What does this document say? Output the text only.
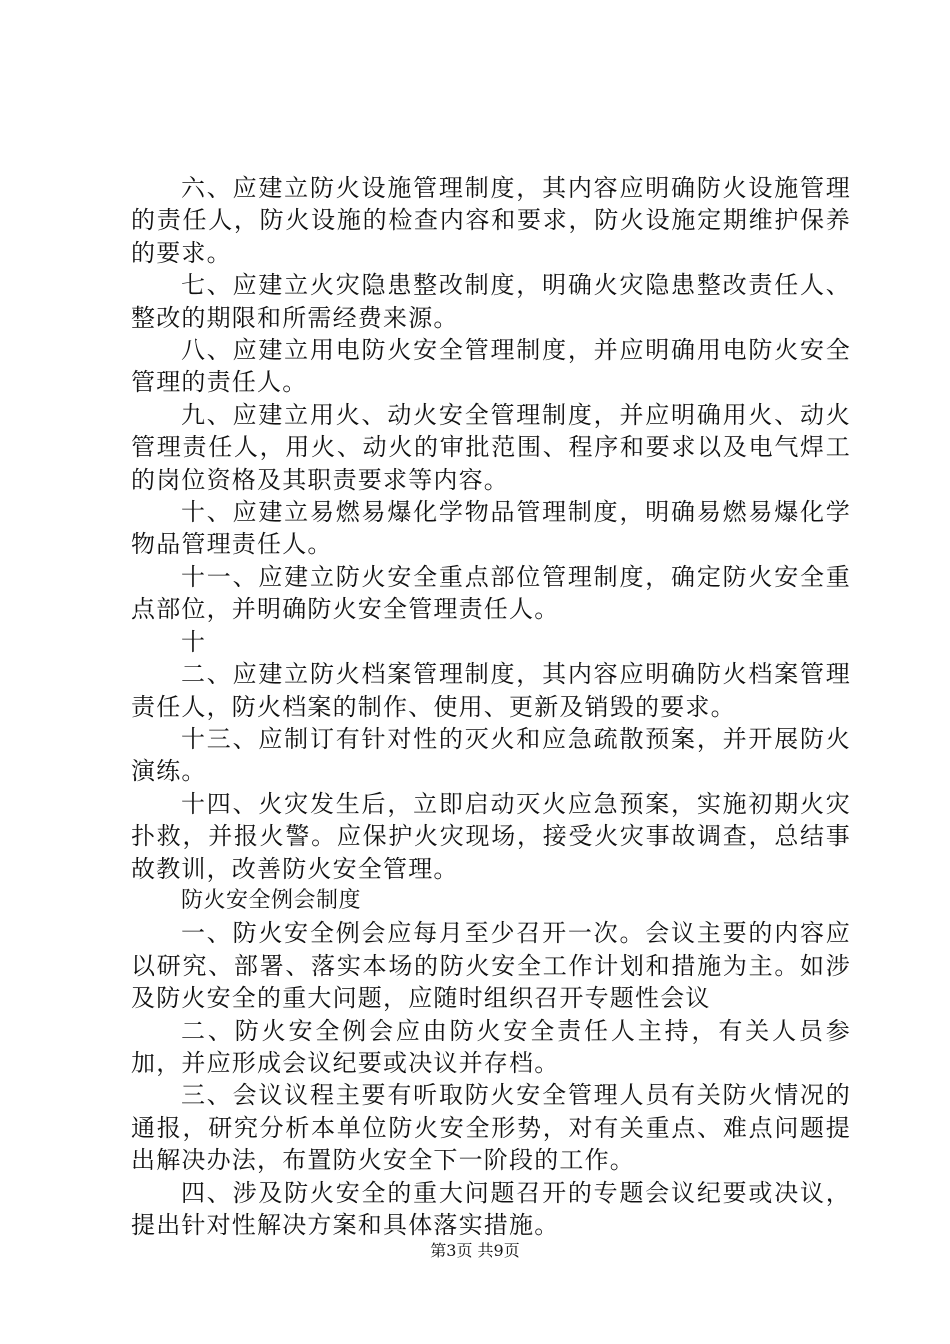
六、应建立防火设施管理制度，其内容应明确防火设施管理的责任人，防火设施的检查内容和要求，防火设施定期维护保养的要求。

七、应建立火灾隐患整改制度，明确火灾隐患整改责任人、整改的期限和所需经费来源。

八、应建立用电防火安全管理制度，并应明确用电防火安全管理的责任人。

九、应建立用火、动火安全管理制度，并应明确用火、动火管理责任人，用火、动火的审批范围、程序和要求以及电气焊工的岗位资格及其职责要求等内容。

十、应建立易燃易爆化学物品管理制度，明确易燃易爆化学物品管理责任人。

十一、应建立防火安全重点部位管理制度，确定防火安全重点部位，并明确防火安全管理责任人。

十

二、应建立防火档案管理制度，其内容应明确防火档案管理责任人，防火档案的制作、使用、更新及销毁的要求。

十三、应制订有针对性的灭火和应急疏散预案，并开展防火演练。

十四、火灾发生后，立即启动灭火应急预案，实施初期火灾扑救，并报火警。应保护火灾现场，接受火灾事故调查，总结事故教训，改善防火安全管理。

防火安全例会制度

一、防火安全例会应每月至少召开一次。会议主要的内容应以研究、部署、落实本场的防火安全工作计划和措施为主。如涉及防火安全的重大问题，应随时组织召开专题性会议

二、防火安全例会应由防火安全责任人主持，有关人员参加，并应形成会议纪要或决议并存档。

三、会议议程主要有听取防火安全管理人员有关防火情况的通报，研究分析本单位防火安全形势，对有关重点、难点问题提出解决办法，布置防火安全下一阶段的工作。

四、涉及防火安全的重大问题召开的专题会议纪要或决议，提出针对性解决方案和具体落实措施。

第3页 共9页
